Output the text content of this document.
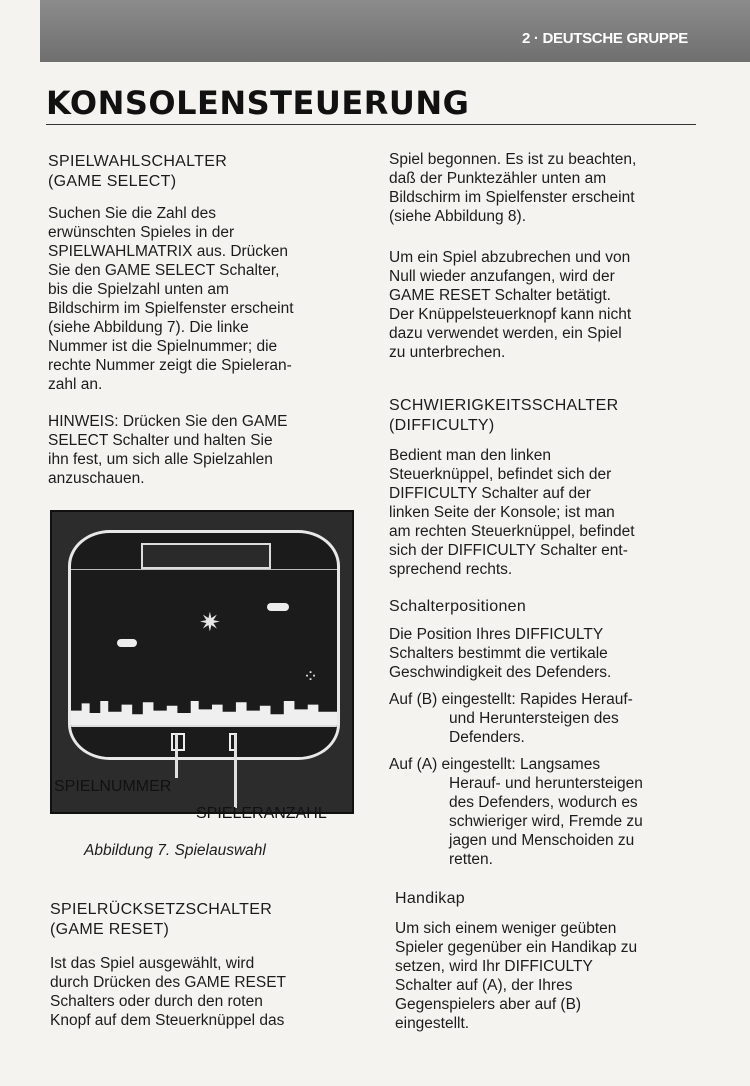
2 · DEUTSCHE GRUPPE
KONSOLENSTEUERUNG

SPIELWAHLSCHALTER
(GAME SELECT)

Suchen Sie die Zahl des
erwünschten Spieles in der
SPIELWAHLMATRIX aus. Drücken
Sie den GAME SELECT Schalter,
bis die Spielzahl unten am
Bildschirm im Spielfenster erscheint
(siehe Abbildung 7). Die linke
Nummer ist die Spielnummer; die
rechte Nummer zeigt die Spieleran-
zahl an.

HINWEIS: Drücken Sie den GAME
SELECT Schalter und halten Sie
ihn fest, um sich alle Spielzahlen
anzuschauen.

✷
⁘
SPIELNUMMER
SPIELERANZAHL
Abbildung 7. Spielauswahl

SPIELRÜCKSETZSCHALTER
(GAME RESET)

Ist das Spiel ausgewählt, wird
durch Drücken des GAME RESET
Schalters oder durch den roten
Knopf auf dem Steuerknüppel das

Spiel begonnen. Es ist zu beachten,
daß der Punktezähler unten am
Bildschirm im Spielfenster erscheint
(siehe Abbildung 8).

Um ein Spiel abzubrechen und von
Null wieder anzufangen, wird der
GAME RESET Schalter betätigt.
Der Knüppelsteuerknopf kann nicht
dazu verwendet werden, ein Spiel
zu unterbrechen.

SCHWIERIGKEITSSCHALTER
(DIFFICULTY)

Bedient man den linken
Steuerknüppel, befindet sich der
DIFFICULTY Schalter auf der
linken Seite der Konsole; ist man
am rechten Steuerknüppel, befindet
sich der DIFFICULTY Schalter ent-
sprechend rechts.

Schalterpositionen

Die Position Ihres DIFFICULTY
Schalters bestimmt die vertikale
Geschwindigkeit des Defenders.

Auf (B) eingestellt: Rapides Herauf-
und Heruntersteigen des
Defenders.

Auf (A) eingestellt: Langsames
Herauf- und heruntersteigen
des Defenders, wodurch es
schwieriger wird, Fremde zu
jagen und Menschoiden zu
retten.

Handikap

Um sich einem weniger geübten
Spieler gegenüber ein Handikap zu
setzen, wird Ihr DIFFICULTY
Schalter auf (A), der Ihres
Gegenspielers aber auf (B)
eingestellt.
